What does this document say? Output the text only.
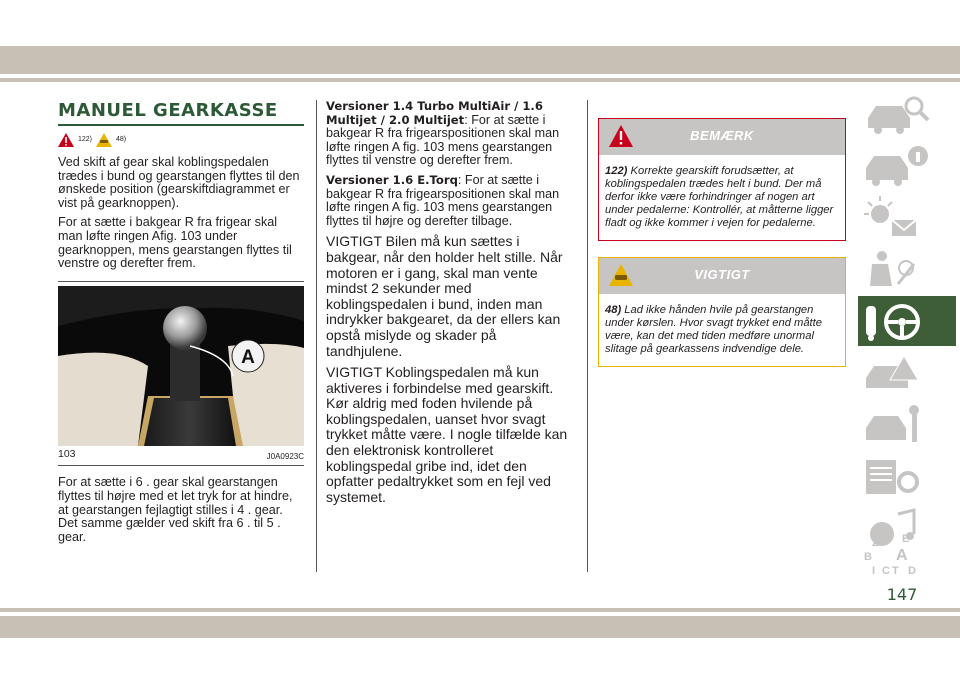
MANUEL GEARKASSE
122)	48)

Ved skift af gear skal koblingspedalen trædes i bund og gearstangen flyttes til den ønskede position (gearskiftdiagrammet er vist på gearknoppen).

For at sætte i bakgear R fra frigear skal man løfte ringen Afig. 103 under gearknoppen, mens gearstangen flyttes til venstre og derefter frem.

A
103	J0A0923C

For at sætte i 6 . gear skal gearstangen flyttes til højre med et let tryk for at hindre, at gearstangen fejlagtigt stilles i 4 . gear. Det samme gælder ved skift fra 6 . til 5 . gear.

Versioner 1.4 Turbo MultiAir / 1.6 Multijet / 2.0 Multijet: For at sætte i bakgear R fra frigearspositionen skal man løfte ringen A fig. 103 mens gearstangen flyttes til venstre og derefter frem.

Versioner 1.6 E.Torq: For at sætte i bakgear R fra frigearspositionen skal man løfte ringen A fig. 103 mens gearstangen flyttes til højre og derefter tilbage.

VIGTIGT Bilen må kun sættes i bakgear, når den holder helt stille. Når motoren er i gang, skal man vente mindst 2 sekunder med koblingspedalen i bund, inden man indrykker bakgearet, da der ellers kan opstå mislyde og skader på tandhjulene.

VIGTIGT Koblingspedalen må kun aktiveres i forbindelse med gearskift. Kør aldrig med foden hvilende på koblingspedalen, uanset hvor svagt trykket måtte være. I nogle tilfælde kan den elektronisk kontrolleret koblingspedal gribe ind, idet den opfatter pedaltrykket som en fejl ved systemet.

BEMÆRK
122) Korrekte gearskift forudsætter, at koblingspedalen trædes helt i bund. Der må derfor ikke være forhindringer af nogen art under pedalerne: Kontrollér, at måtterne ligger fladt og ikke kommer i vejen for pedalerne.
VIGTIGT
48) Lad ikke hånden hvile på gearstangen under kørslen. Hvor svagt trykket end måtte være, kan det med tiden medføre unormal slitage på gearkassens indvendige dele.
Z E
B A
I C T D
147
